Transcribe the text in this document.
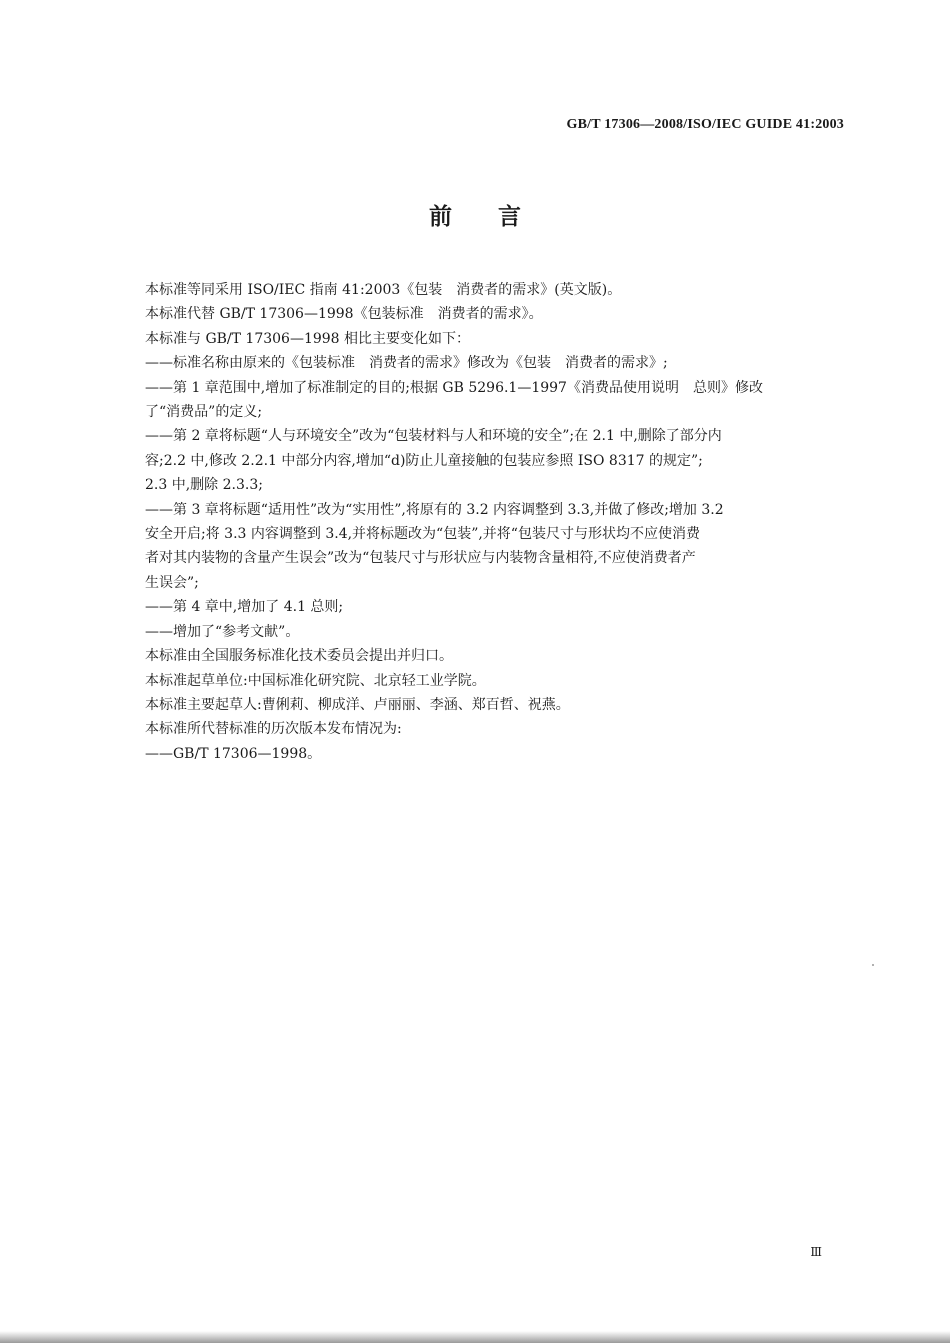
GB/T 17306—2008/ISO/IEC GUIDE 41:2003
前言

本标准等同采用 ISO/IEC 指南 41:2003《包装　消费者的需求》(英文版)。

本标准代替 GB/T 17306—1998《包装标准　消费者的需求》。

本标准与 GB/T 17306—1998 相比主要变化如下：

——标准名称由原来的《包装标准　消费者的需求》修改为《包装　消费者的需求》;

——第 1 章范围中,增加了标准制定的目的;根据 GB 5296.1—1997《消费品使用说明　总则》修改
了“消费品”的定义;

——第 2 章将标题“人与环境安全”改为“包装材料与人和环境的安全”;在 2.1 中,删除了部分内
容;2.2 中,修改 2.2.1 中部分内容,增加“d)防止儿童接触的包装应参照 ISO 8317 的规定”;
2.3 中,删除 2.3.3;

——第 3 章将标题“适用性”改为“实用性”,将原有的 3.2 内容调整到 3.3,并做了修改;增加 3.2
安全开启;将 3.3 内容调整到 3.4,并将标题改为“包装”,并将“包装尺寸与形状均不应使消费
者对其内装物的含量产生误会”改为“包装尺寸与形状应与内装物含量相符,不应使消费者产
生误会”;

——第 4 章中,增加了 4.1 总则;

——增加了“参考文献”。

本标准由全国服务标准化技术委员会提出并归口。

本标准起草单位:中国标准化研究院、北京轻工业学院。

本标准主要起草人:曹俐莉、柳成洋、卢丽丽、李涵、郑百哲、祝燕。

本标准所代替标准的历次版本发布情况为:

——GB/T 17306—1998。

Ⅲ
